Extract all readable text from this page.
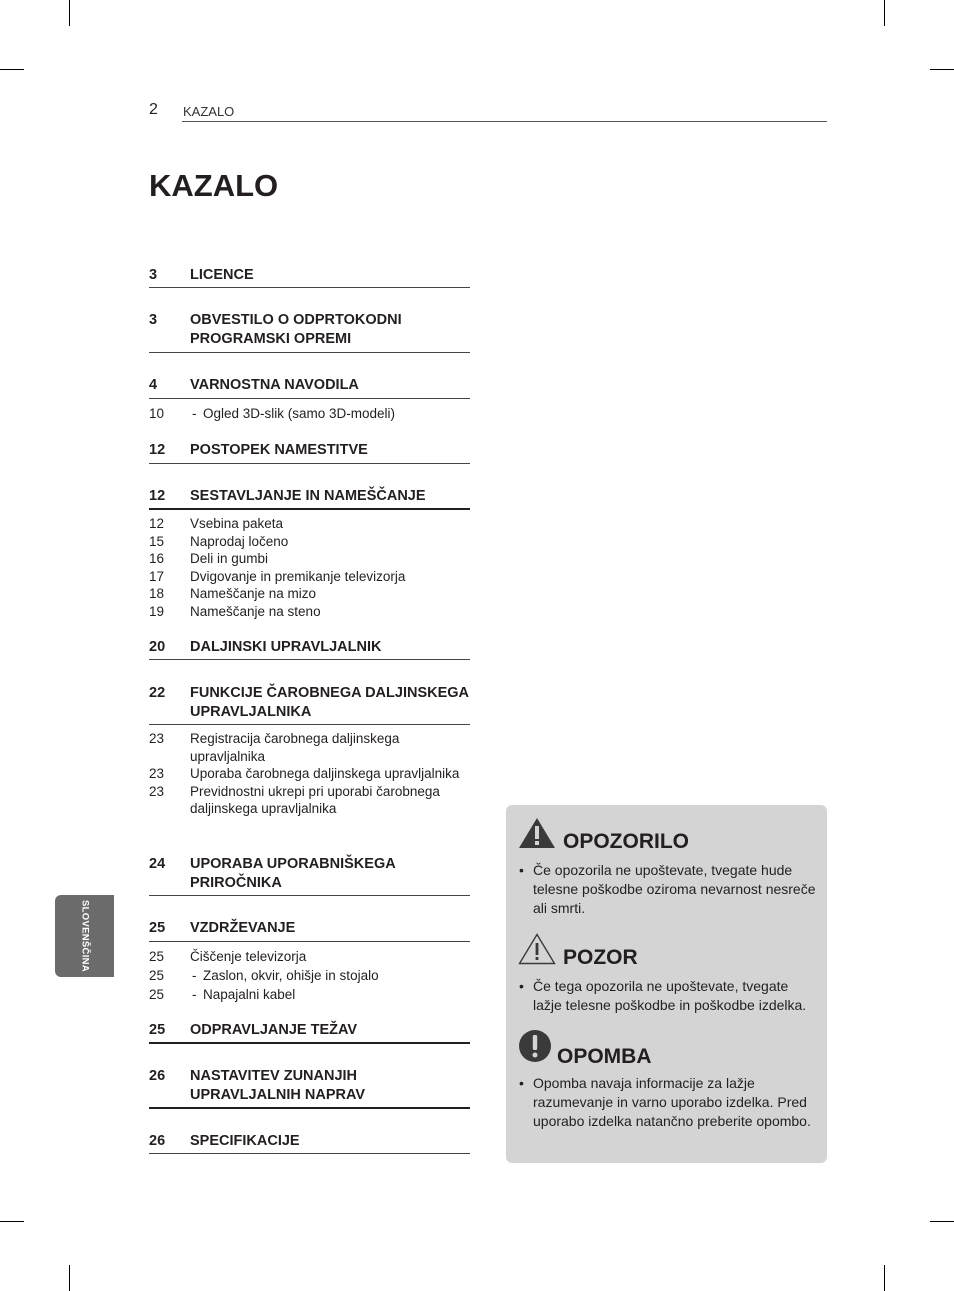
2 KAZALO
KAZALO
3 LICENCE
3 OBVESTILO O ODPRTOKODNI PROGRAMSKI OPREMI
4 VARNOSTNA NAVODILA
10 - Ogled 3D-slik (samo 3D-modeli)
12 POSTOPEK NAMESTITVE
12 SESTAVLJANJE IN NAMEŠČANJE
12 Vsebina paketa
15 Naprodaj ločeno
16 Deli in gumbi
17 Dvigovanje in premikanje televizorja
18 Nameščanje na mizo
19 Nameščanje na steno
20 DALJINSKI UPRAVLJALNIK
22 FUNKCIJE ČAROBNEGA DALJINSKEGA UPRAVLJALNIKA
23 Registracija čarobnega daljinskega upravljalnika
23 Uporaba čarobnega daljinskega upravljalnika
23 Previdnostni ukrepi pri uporabi čarobnega daljinskega upravljalnika
24 UPORABA UPORABNIŠKEGA PRIROČNIKA
25 VZDRŽEVANJE
25 Čiščenje televizorja
25 - Zaslon, okvir, ohišje in stojalo
25 - Napajalni kabel
25 ODPRAVLJANJE TEŽAV
26 NASTAVITEV ZUNANJIH UPRAVLJALNIH NAPRAV
26 SPECIFIKACIJE
SLOVENŠČINA
OPOZORILO
• Če opozorila ne upoštevate, tvegate hude telesne poškodbe oziroma nevarnost nesreče ali smrti.
POZOR
• Če tega opozorila ne upoštevate, tvegate lažje telesne poškodbe in poškodbe izdelka.
OPOMBA
• Opomba navaja informacije za lažje razumevanje in varno uporabo izdelka. Pred uporabo izdelka natančno preberite opombo.
